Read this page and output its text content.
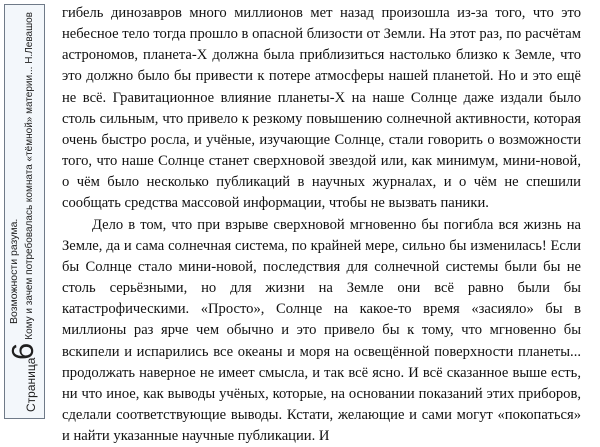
Страница
6
Возможности разума. Кому и зачем потребовалась комната «тёмной» материи... Н.Левашов гибель динозавров много миллионов мет назад произошла из-за того, что это небесное тело тогда прошло в опасной близости от Земли. На этот раз, по расчётам астрономов, планета-Х должна была приблизиться настолько близко к Земле, что это должно было бы привести к потере атмосферы нашей планетой. Но и это ещё не всё. Гравитационное влияние планеты-Х на наше Солнце даже издали было столь сильным, что привело к резкому повышению солнечной активности, которая очень быстро росла, и учёные, изучающие Солнце, стали говорить о возможности того, что наше Солнце станет сверхновой звездой или, как минимум, мини-новой, о чём было несколько публикаций в научных журналах, и о чём не спешили сообщать средства массовой информации, чтобы не вызвать паники.

Дело в том, что при взрыве сверхновой мгновенно бы погибла вся жизнь на Земле, да и сама солнечная система, по крайней мере, сильно бы изменилась! Если бы Солнце стало мини-новой, последствия для солнечной системы были бы не столь серьёзными, но для жизни на Земле они всё равно были бы катастрофическими. «Просто», Солнце на какое-то время «засияло» бы в миллионы раз ярче чем обычно и это привело бы к тому, что мгновенно бы вскипели и испарились все океаны и моря на освещённой поверхности планеты... продолжать наверное не имеет смысла, и так всё ясно. И всё сказанное выше есть, ни что иное, как выводы учёных, которые, на основании показаний этих приборов, сделали соответствующие выводы. Кстати, желающие и сами могут «покопаться» и найти указанные научные публикации. И
